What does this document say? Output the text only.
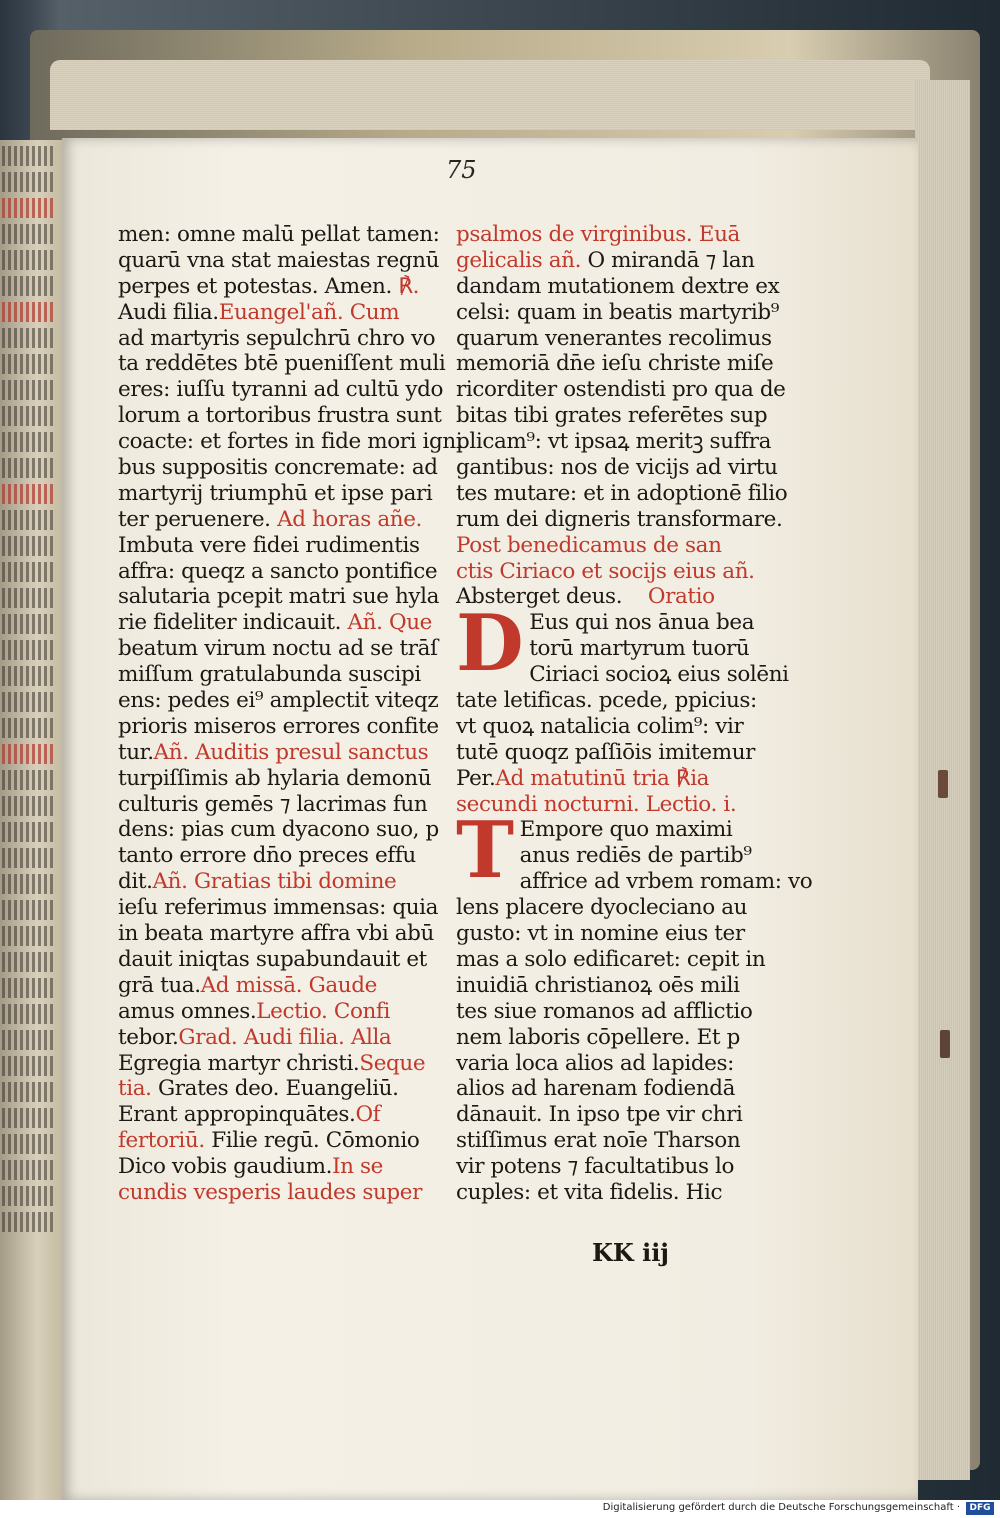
75
men: omne malū pellat tamen:
quarū vna stat maiestas regnū
perpes et potestas. Amen. ℟.
Audi filia.Euangel'añ. Cum
ad martyris sepulchrū chro vo
ta reddētes btē pueniſſent muli
eres: iuſſu tyranni ad cultū ydo
lorum a tortoribus frustra sunt
coacte: et fortes in fide mori igni
bus suppositis concremate: ad
martyrij triumphū et ipse pari
ter peruenere. Ad horas añe.
Imbuta vere fidei rudimentis
affra: queqz a sancto pontifice
salutaria pcepit matri sue hyla
rie fideliter indicauit. Añ. Que
beatum virum noctu ad se trāſ
miſſum gratulabunda suscipi
ens: pedes ei⁹ amplectit̄ viteqz
prioris miseros errores confite
tur.Añ. Auditis presul sanctus
turpiſſimis ab hylaria demonū
culturis gemēs ⁊ lacrimas fun
dens: pias cum dyacono suo, p
tanto errore dn̄o preces effu
dit.Añ. Gratias tibi domine
ieſu referimus immensas: quia
in beata martyre affra vbi abū
dauit iniqtas supabundauit et
grā tua.Ad missā. Gaude
amus omnes.Lectio. Confi
tebor.Grad. Audi filia. Alla
Egregia martyr christi.Seque
tia. Grates deo. Euangeliū.
Erant appropinquātes.Of
fertoriū. Filie regū. Cōmonio
Dico vobis gaudium.In se
cundis vesperis laudes super
psalmos de virginibus. Euā
gelicalis añ. O mirandā ⁊ lan
dandam mutationem dextre ex
celsi: quam in beatis martyrib⁹
quarum venerantes recolimus
memoriā dn̄e ieſu christe miſe
ricorditer ostendisti pro qua de
bitas tibi grates referētes sup
plicam⁹: vt ipsaꝝ meritꝫ suffra
gantibus: nos de vicijs ad virtu
tes mutare: et in adoptionē filio
rum dei digneris transformare.
Post benedicamus de san
ctis Ciriaco et socijs eius añ.
Absterget deus. Oratio
D Eus qui nos ānua bea
torū martyrum tuorū
Ciriaci socioꝝ eius solēni
tate letificas. pcede, ppicius:
vt quoꝝ natalicia colim⁹: vir
tutē quoqz paſſiōis imitemur
Per.Ad matutinū tria ℟ia
secundi nocturni. Lectio. i.
T Empore quo maximi
anus rediēs de partib⁹
affrice ad vrbem romam: vo
lens placere dyocleciano au
gusto: vt in nomine eius ter
mas a solo edificaret: cepit in
inuidiā christianoꝝ oēs mili
tes siue romanos ad afflictio
nem laboris cōpellere. Et p
varia loca alios ad lapides:
alios ad harenam fodiendā
dānauit. In ipso tpe vir chri
stiſſimus erat noīe Tharson
vir potens ⁊ facultatibus lo
cuples: et vita fidelis. Hic
KK iij
Digitalisierung gefördert durch die Deutsche Forschungsgemeinschaft ·	DFG
